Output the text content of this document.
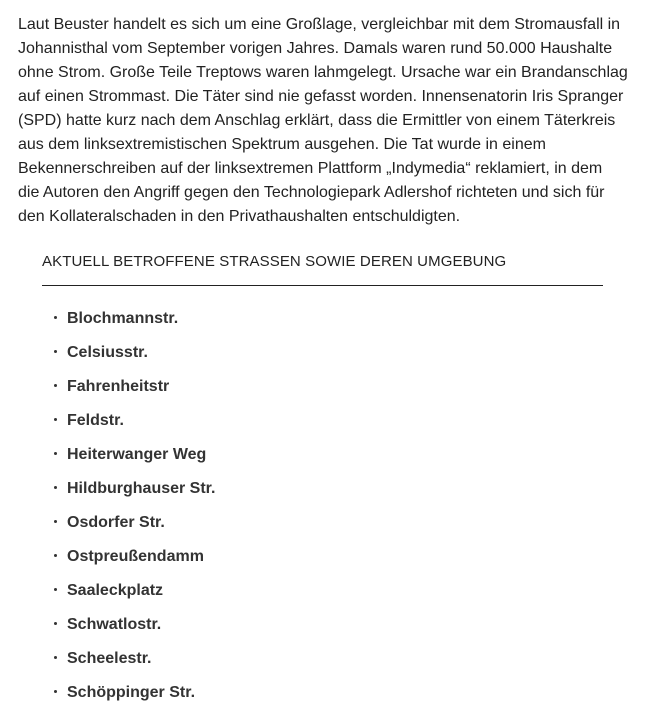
Laut Beuster handelt es sich um eine Großlage, vergleichbar mit dem Stromausfall in Johannisthal vom September vorigen Jahres. Damals waren rund 50.000 Haushalte ohne Strom. Große Teile Treptows waren lahmgelegt. Ursache war ein Brandanschlag auf einen Strommast. Die Täter sind nie gefasst worden. Innensenatorin Iris Spranger (SPD) hatte kurz nach dem Anschlag erklärt, dass die Ermittler von einem Täterkreis aus dem linksextremistischen Spektrum ausgehen. Die Tat wurde in einem Bekennerschreiben auf der linksextremen Plattform „Indymedia“ reklamiert, in dem die Autoren den Angriff gegen den Technologiepark Adlershof richteten und sich für den Kollateralschaden in den Privathaushalten entschuldigten.

AKTUELL BETROFFENE STRASSEN SOWIE DEREN UMGEBUNG
Blochmannstr.
Celsiusstr.
Fahrenheitstr
Feldstr.
Heiterwanger Weg
Hildburghauser Str.
Osdorfer Str.
Ostpreußendamm
Saaleckplatz
Schwatlostr.
Scheelestr.
Schöppinger Str.
